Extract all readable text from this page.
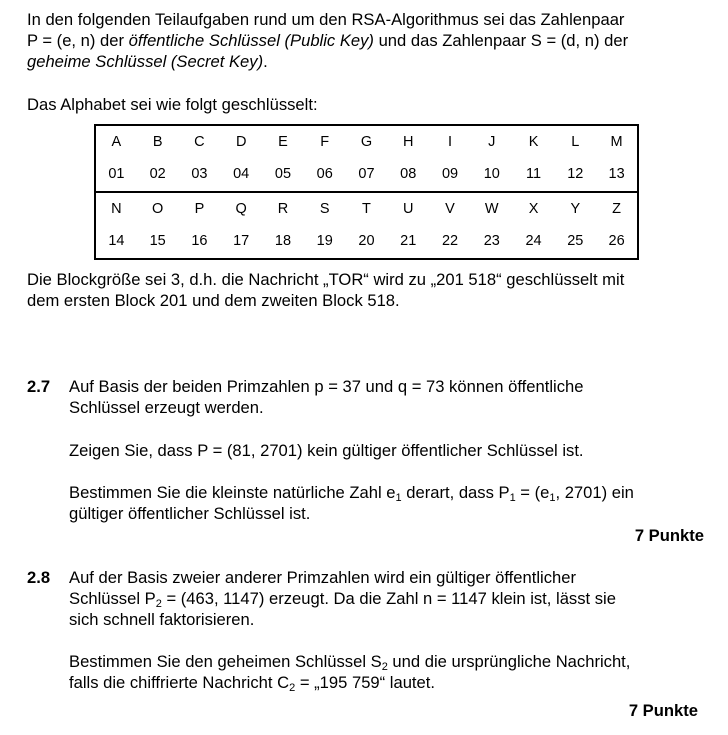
In den folgenden Teilaufgaben rund um den RSA-Algorithmus sei das Zahlenpaar
P = (e, n) der öffentliche Schlüssel (Public Key) und das Zahlenpaar S = (d, n) der
geheime Schlüssel (Secret Key).

Das Alphabet sei wie folgt geschlüsselt:

A	B	C	D	E	F	G	H	I	J	K	L	M
01	02	03	04	05	06	07	08	09	10	11	12	13
N	O	P	Q	R	S	T	U	V	W	X	Y	Z
14	15	16	17	18	19	20	21	22	23	24	25	26

Die Blockgröße sei 3, d.h. die Nachricht „TOR“ wird zu „201 518“ geschlüsselt mit
dem ersten Block 201 und dem zweiten Block 518.

2.7 Auf Basis der beiden Primzahlen p = 37 und q = 73 können öffentliche
Schlüssel erzeugt werden.

Zeigen Sie, dass P = (81, 2701) kein gültiger öffentlicher Schlüssel ist.

Bestimmen Sie die kleinste natürliche Zahl $e_1$ derart, dass $P_1 = (e_1$, 2701) ein
gültiger öffentlicher Schlüssel ist.

7 Punkte
2.8 Auf der Basis zweier anderer Primzahlen wird ein gültiger öffentlicher
Schlüssel $P_2 = (463$, 1147) erzeugt. Da die Zahl n = 1147 klein ist, lässt sie
sich schnell faktorisieren.

Bestimmen Sie den geheimen Schlüssel $S_2$ und die ursprüngliche Nachricht,
falls die chiffrierte Nachricht $C_2$ = „195 759“ lautet.

7 Punkte
